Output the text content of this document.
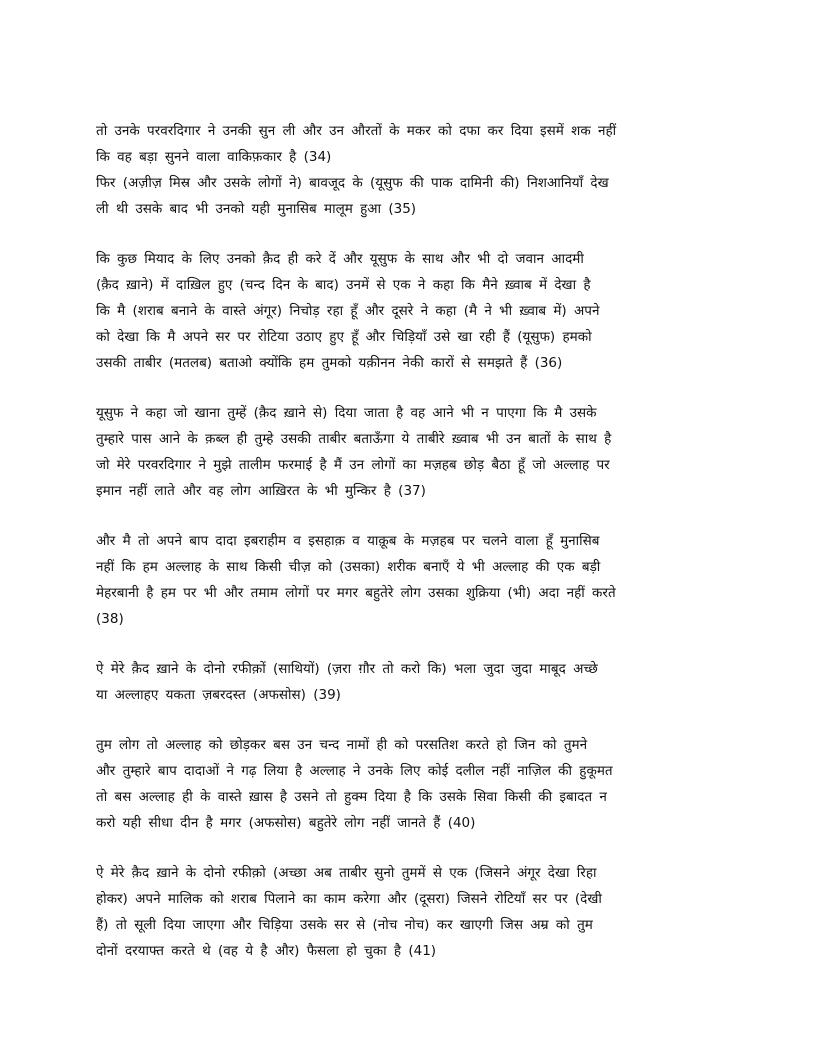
तो उनके परवरदिगार ने उनकी सुन ली और उन औरतों के मकर को दफा कर दिया इसमें शक नहीं
कि वह बड़ा सुनने वाला वाकिफ़कार है (34)
फिर (अज़ीज़ मिस्र और उसके लोगों ने) बावजूद के (यूसुफ की पाक दामिनी की) निशआनियाँ देख
ली थी उसके बाद भी उनको यही मुनासिब मालूम हुआ (35)

कि कुछ मियाद के लिए उनको क़ैद ही करे दें और यूसुफ के साथ और भी दो जवान आदमी
(क़ैद ख़ाने) में दाख़िल हुए (चन्द दिन के बाद) उनमें से एक ने कहा कि मैने ख़्वाब में देखा है
कि मै (शराब बनाने के वास्ते अंगूर) निचोड़ रहा हूँ और दूसरे ने कहा (मै ने भी ख़्वाब में) अपने
को देखा कि मै अपने सर पर रोटिया उठाए हुए हूँ और चिड़ियाँ उसे खा रही हैं (यूसुफ) हमको
उसकी ताबीर (मतलब) बताओ क्योंकि हम तुमको यक़ीनन नेकी कारों से समझते हैं (36)

यूसुफ ने कहा जो खाना तुम्हें (क़ैद ख़ाने से) दिया जाता है वह आने भी न पाएगा कि मै उसके
तुम्हारे पास आने के क़ब्ल ही तुम्हे उसकी ताबीर बताऊँगा ये ताबीरे ख़्वाब भी उन बातों के साथ है
जो मेरे परवरदिगार ने मुझे तालीम फरमाई है मैं उन लोगों का मज़हब छोड़ बैठा हूँ जो अल्लाह पर
इमान नहीं लाते और वह लोग आख़िरत के भी मुन्किर है (37)

और मै तो अपने बाप दादा इबराहीम व इसहाक़ व याक़ूब के मज़हब पर चलने वाला हूँ मुनासिब
नहीं कि हम अल्लाह के साथ किसी चीज़ को (उसका) शरीक बनाएँ ये भी अल्लाह की एक बड़ी
मेहरबानी है हम पर भी और तमाम लोगों पर मगर बहुतेरे लोग उसका शुक्रिया (भी) अदा नहीं करते
(38)

ऐ मेरे क़ैद ख़ाने के दोनो रफीक़ों (साथियों) (ज़रा ग़ौर तो करो कि) भला जुदा जुदा माबूद अच्छे
या अल्लाहए यकता ज़बरदस्त (अफसोस) (39)

तुम लोग तो अल्लाह को छोड़कर बस उन चन्द नामों ही को परसतिश करते हो जिन को तुमने
और तुम्हारे बाप दादाओं ने गढ़ लिया है अल्लाह ने उनके लिए कोई दलील नहीं नाज़िल की हुकूमत
तो बस अल्लाह ही के वास्ते ख़ास है उसने तो हुक्म दिया है कि उसके सिवा किसी की इबादत न
करो यही सीधा दीन है मगर (अफसोस) बहुतेरे लोग नहीं जानते हैं (40)

ऐ मेरे क़ैद ख़ाने के दोनो रफीक़ो (अच्छा अब ताबीर सुनो तुममें से एक (जिसने अंगूर देखा रिहा
होकर) अपने मालिक को शराब पिलाने का काम करेगा और (दूसरा) जिसने रोटियाँ सर पर (देखी
हैं) तो सूली दिया जाएगा और चिड़िया उसके सर से (नोच नोच) कर खाएगी जिस अम्र को तुम
दोनों दरयाफ्त करते थे (वह ये है और) फैसला हो चुका है (41)
